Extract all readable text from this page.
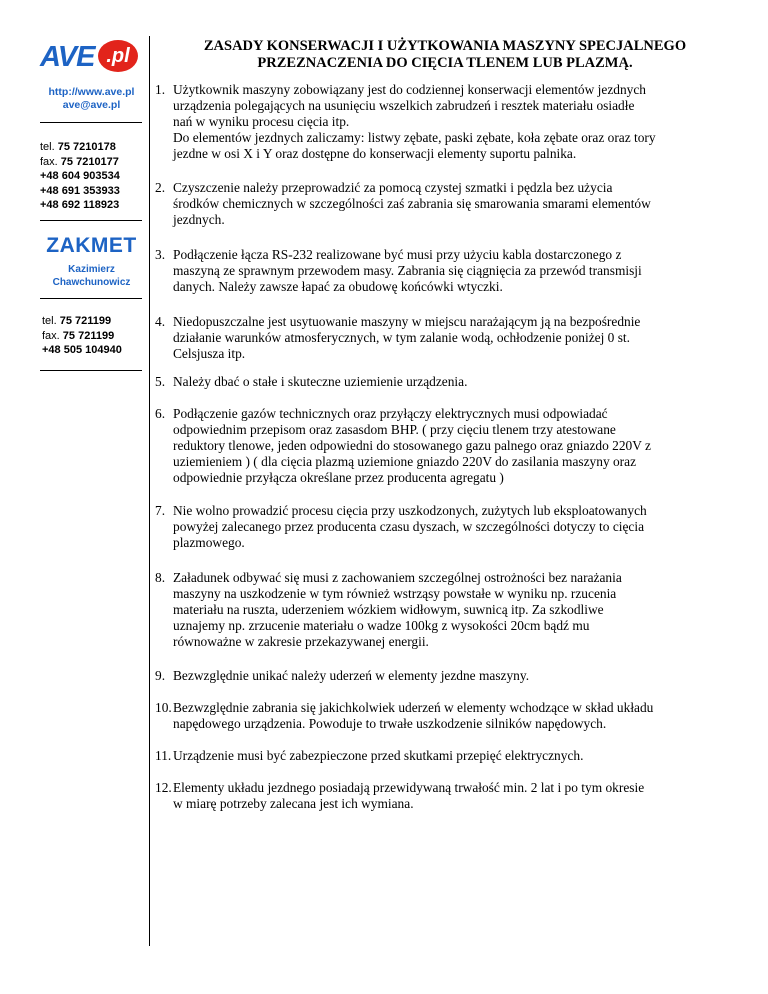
AVE .pl
http://www.ave.pl
ave@ave.pl
tel. 75 7210178
fax. 75 7210177
+48 604 903534
+48 691 353933
+48 692 118923
ZAKMET
Kazimierz
Chawchunowicz
tel. 75 721199
fax. 75 721199
+48 505 104940
ZASADY KONSERWACJI I UŻYTKOWANIA MASZYNY SPECJALNEGO
PRZEZNACZENIA DO CIĘCIA TLENEM LUB PLAZMĄ.
1. Użytkownik maszyny zobowiązany jest do codziennej konserwacji elementów jezdnych
urządzenia polegających na usunięciu wszelkich zabrudzeń i resztek materiału osiadłe
nań w wyniku procesu cięcia itp.
Do elementów jezdnych zaliczamy: listwy zębate, paski zębate, koła zębate oraz oraz tory
jezdne w osi X i Y oraz dostępne do konserwacji elementy suportu palnika.
2. Czyszczenie należy przeprowadzić za pomocą czystej szmatki i pędzla bez użycia
środków chemicznych w szczególności zaś zabrania się smarowania smarami elementów
jezdnych.
3. Podłączenie łącza RS-232 realizowane być musi przy użyciu kabla dostarczonego z
maszyną ze sprawnym przewodem masy. Zabrania się ciągnięcia za przewód transmisji
danych. Należy zawsze łapać za obudowę końcówki wtyczki.
4. Niedopuszczalne jest usytuowanie maszyny w miejscu narażającym ją na bezpośrednie
działanie warunków atmosferycznych, w tym zalanie wodą, ochłodzenie poniżej 0 st.
Celsjusza itp.
5. Należy dbać o stałe i skuteczne uziemienie urządzenia.
6. Podłączenie gazów technicznych oraz przyłączy elektrycznych musi odpowiadać
odpowiednim przepisom oraz zasasdom BHP. ( przy cięciu tlenem trzy atestowane
reduktory tlenowe, jeden odpowiedni do stosowanego gazu palnego oraz gniazdo 220V z
uziemieniem ) ( dla cięcia plazmą uziemione gniazdo 220V do zasilania maszyny oraz
odpowiednie przyłącza określane przez producenta agregatu )
7. Nie wolno prowadzić procesu cięcia przy uszkodzonych, zużytych lub eksploatowanych
powyżej zalecanego przez producenta czasu dyszach, w szczególności dotyczy to cięcia
plazmowego.
8. Załadunek odbywać się musi z zachowaniem szczególnej ostrożności bez narażania
maszyny na uszkodzenie w tym również wstrząsy powstałe w wyniku np. rzucenia
materiału na ruszta, uderzeniem wózkiem widłowym, suwnicą itp. Za szkodliwe
uznajemy np. zrzucenie materiału o wadze 100kg z wysokości 20cm bądź mu
równoważne w zakresie przekazywanej energii.
9. Bezwzględnie unikać należy uderzeń w elementy jezdne maszyny.
10. Bezwzględnie zabrania się jakichkolwiek uderzeń w elementy wchodzące w skład układu
napędowego urządzenia. Powoduje to trwałe uszkodzenie silników napędowych.
11. Urządzenie musi być zabezpieczone przed skutkami przepięć elektrycznych.
12. Elementy układu jezdnego posiadają przewidywaną trwałość min. 2 lat i po tym okresie
w miarę potrzeby zalecana jest ich wymiana.
